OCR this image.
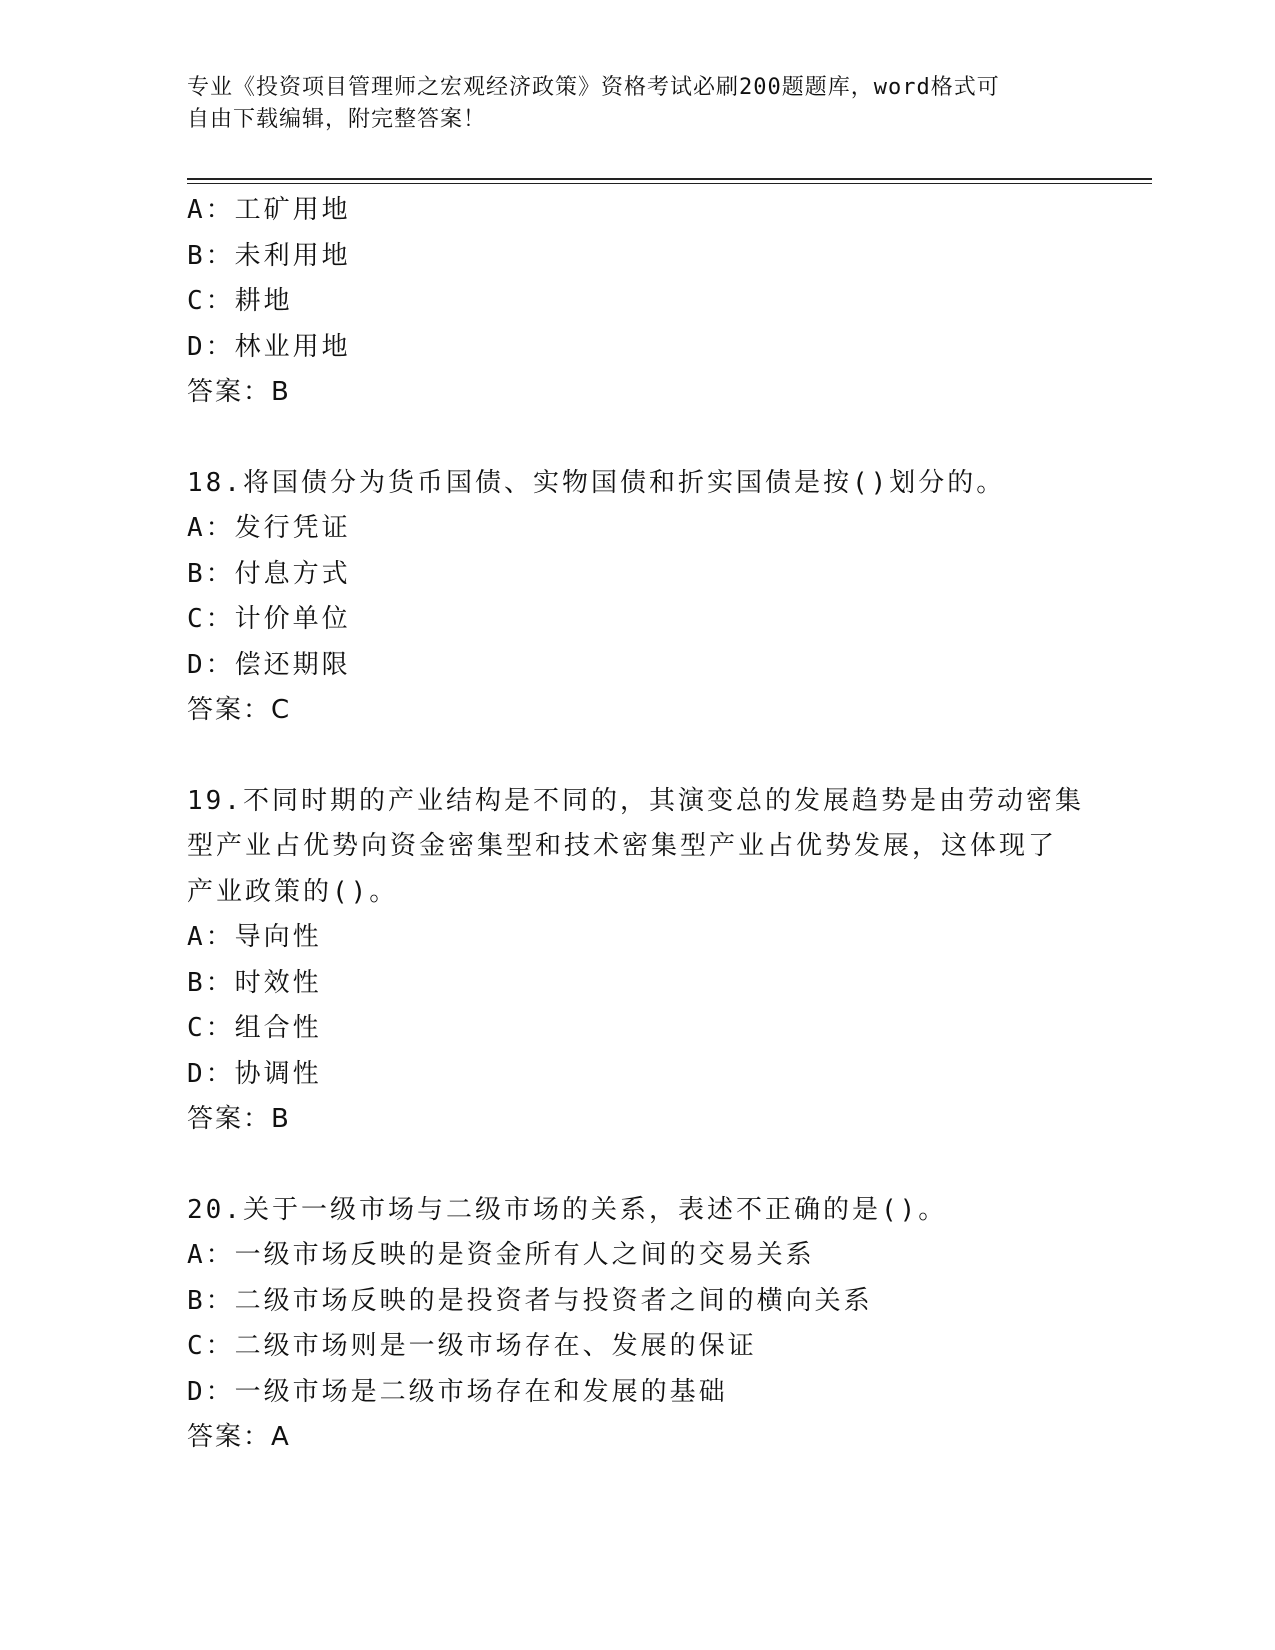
专业《投资项目管理师之宏观经济政策》资格考试必刷200题题库，word格式可
自由下载编辑，附完整答案！
A：工矿用地
B：未利用地
C：耕地
D：林业用地
答案：B
18.将国债分为货币国债、实物国债和折实国债是按()划分的。
A：发行凭证
B：付息方式
C：计价单位
D：偿还期限
答案：C
19.不同时期的产业结构是不同的，其演变总的发展趋势是由劳动密集
型产业占优势向资金密集型和技术密集型产业占优势发展，这体现了
产业政策的()。
A：导向性
B：时效性
C：组合性
D：协调性
答案：B
20.关于一级市场与二级市场的关系，表述不正确的是()。
A：一级市场反映的是资金所有人之间的交易关系
B：二级市场反映的是投资者与投资者之间的横向关系
C：二级市场则是一级市场存在、发展的保证
D：一级市场是二级市场存在和发展的基础
答案：A
